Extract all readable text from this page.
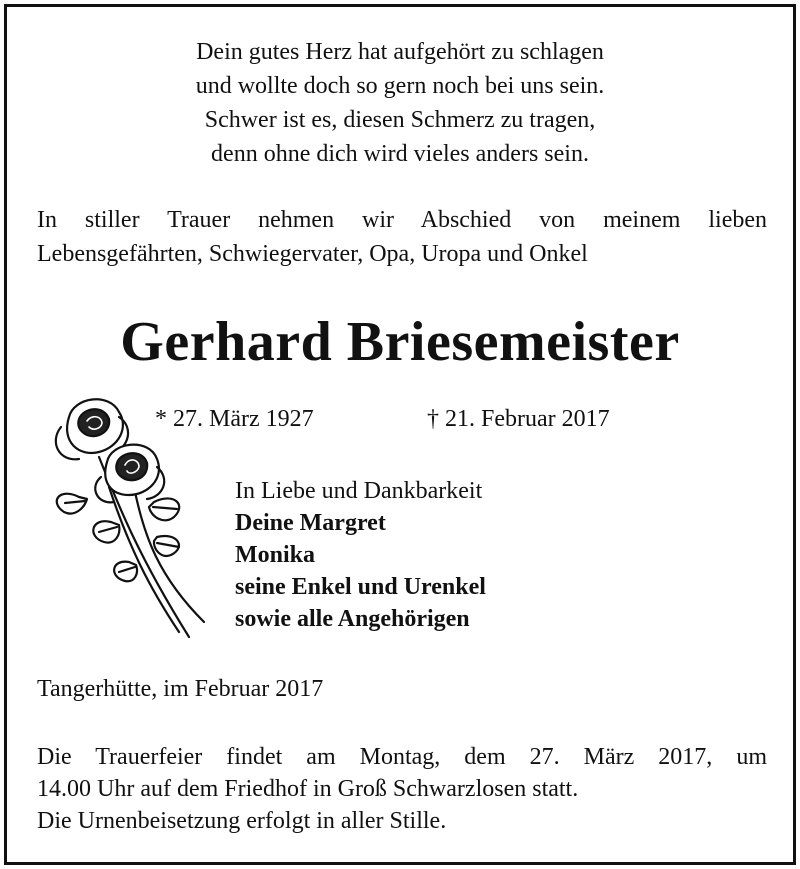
Dein gutes Herz hat aufgehört zu schlagen
und wollte doch so gern noch bei uns sein.
Schwer ist es, diesen Schmerz zu tragen,
denn ohne dich wird vieles anders sein.
In stiller Trauer nehmen wir Abschied von meinem lieben
Lebensgefährten, Schwiegervater, Opa, Uropa und Onkel
Gerhard Briesemeister
* 27. März 1927	† 21. Februar 2017
In Liebe und Dankbarkeit
Deine Margret
Monika
seine Enkel und Urenkel
sowie alle Angehörigen
Tangerhütte, im Februar 2017
Die Trauerfeier findet am Montag, dem 27. März 2017, um
14.00 Uhr auf dem Friedhof in Groß Schwarzlosen statt.
Die Urnenbeisetzung erfolgt in aller Stille.
